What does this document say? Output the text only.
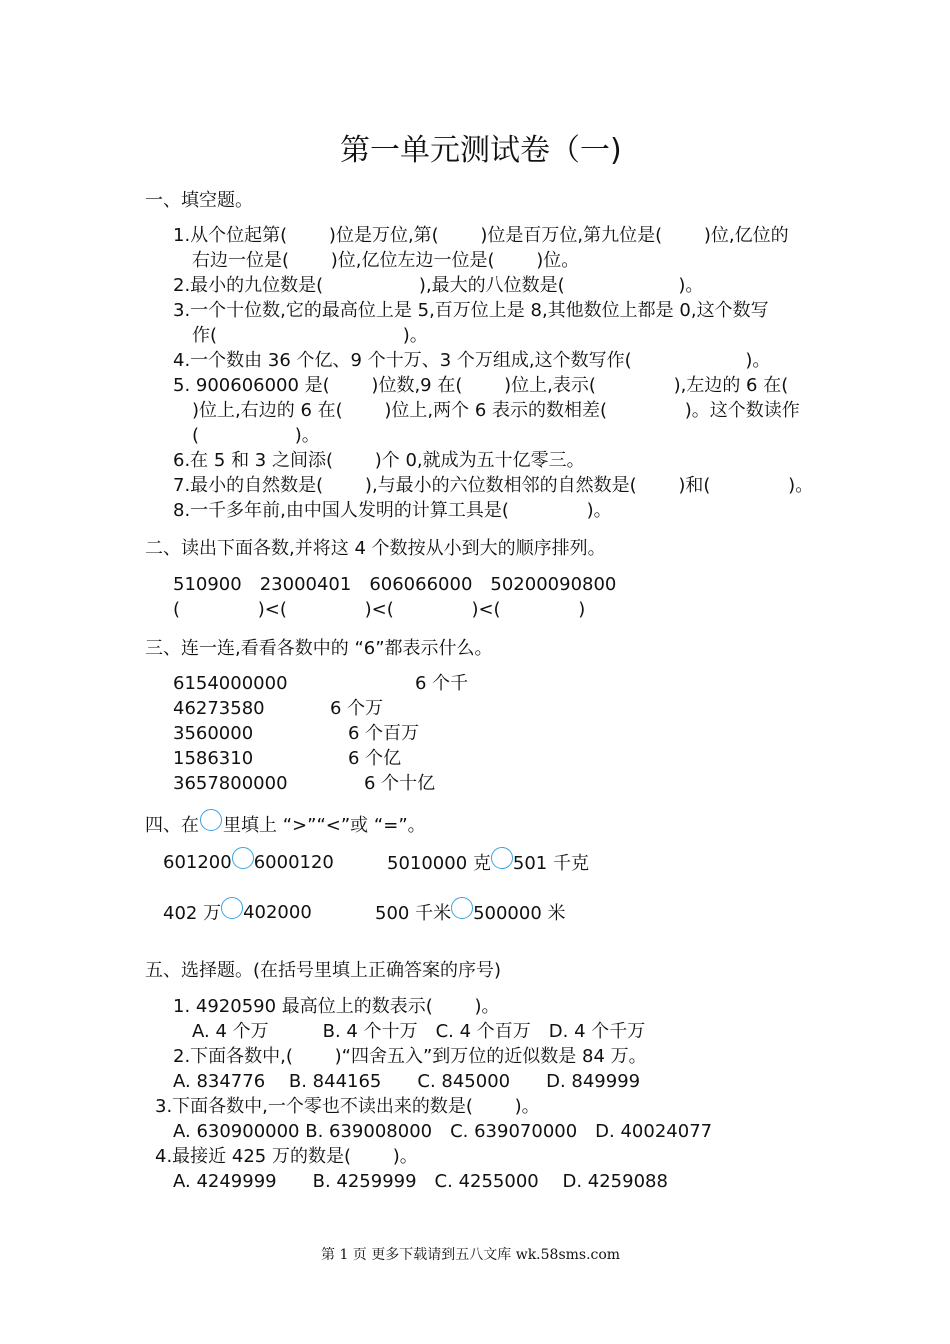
第一单元测试卷（一)
一、填空题。
1.从个位起第(　　 )位是万位,第(　　 )位是百万位,第九位是(　　 )位,亿位的
右边一位是(　　 )位,亿位左边一位是(　　 )位。
2.最小的九位数是(　　　　　 ),最大的八位数是(　　　　　　 )。
3.一个十位数,它的最高位上是 5,百万位上是 8,其他数位上都是 0,这个数写
作(　　　　　　　　　　 )。
4.一个数由 36 个亿、9 个十万、3 个万组成,这个数写作(　　　　　　 )。
5. 900606000 是(　　 )位数,9 在(　　 )位上,表示(　　　　 ),左边的 6 在(
)位上,右边的 6 在(　　 )位上,两个 6 表示的数相差(　　　　 )。这个数读作
(　　　　　 )。
6.在 5 和 3 之间添(　　 )个 0,就成为五十亿零三。
7.最小的自然数是(　　 ),与最小的六位数相邻的自然数是(　　 )和(　　　　 )。
8.一千多年前,由中国人发明的计算工具是(　　　　 )。
二、读出下面各数,并将这 4 个数按从小到大的顺序排列。
510900　23000401　606066000　50200090800
(　　　　 )<(　　　　 )<(　　　　 )<(　　　　 )
三、连一连,看看各数中的 “6”都表示什么。
6154000000
46273580
3560000
1586310
3657800000
6 个千
6 个万
6 个百万
6 个亿
6 个十亿
四、在 里填上 “>”“<”或 “=”。
601200 6000120	5010000 克 501 千克
402 万 402000	500 千米 500000 米
五、选择题。(在括号里填上正确答案的序号)
1. 4920590 最高位上的数表示(　　 )。
A. 4 个万　　　B. 4 个十万　C. 4 个百万　D. 4 个千万
2.下面各数中,(　　 )“四舍五入”到万位的近似数是 84 万。
A. 834776　 B. 844165　　C. 845000　　D. 849999
3.下面各数中,一个零也不读出来的数是(　　 )。
A. 630900000 B. 639008000　C. 639070000　D. 40024077
4.最接近 425 万的数是(　　 )。
A. 4249999　　B. 4259999　C. 4255000　 D. 4259088
第 1 页 更多下载请到五八文库 wk.58sms.com
